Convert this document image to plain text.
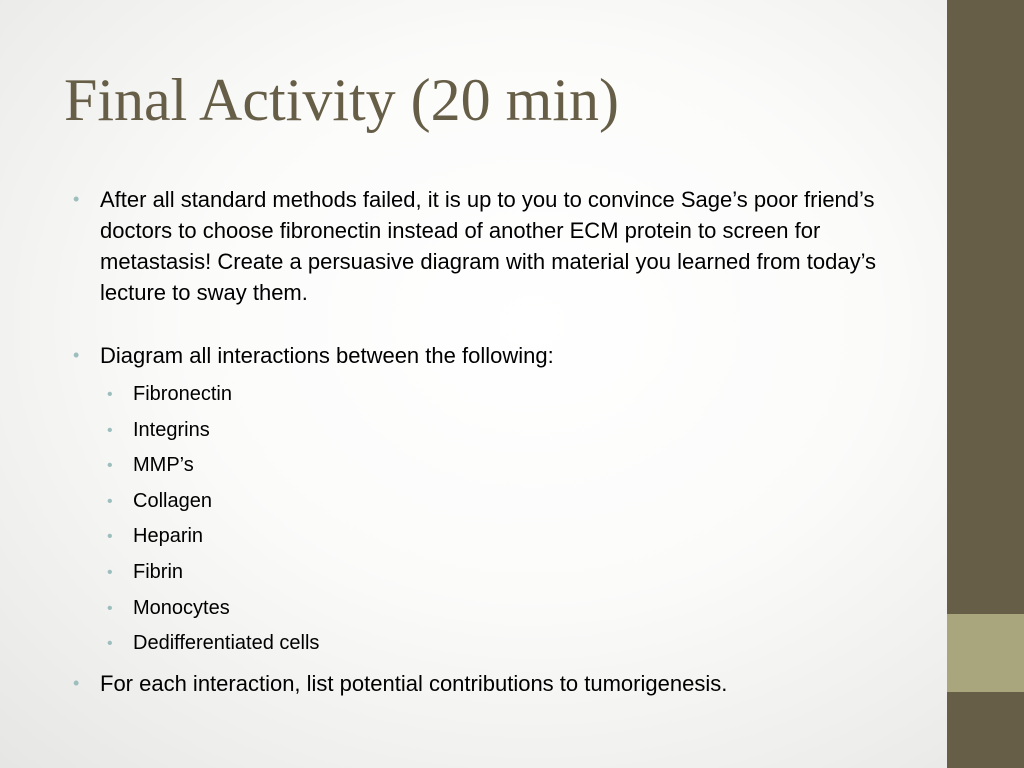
Final Activity (20 min)
• After all standard methods failed, it is up to you to convince Sage’s poor friend’s doctors to choose fibronectin instead of another ECM protein to screen for metastasis! Create a persuasive diagram with material you learned from today’s lecture to sway them.
• Diagram all interactions between the following:
• Fibronectin
• Integrins
• MMP’s
• Collagen
• Heparin
• Fibrin
• Monocytes
• Dedifferentiated cells
• For each interaction, list potential contributions to tumorigenesis.
